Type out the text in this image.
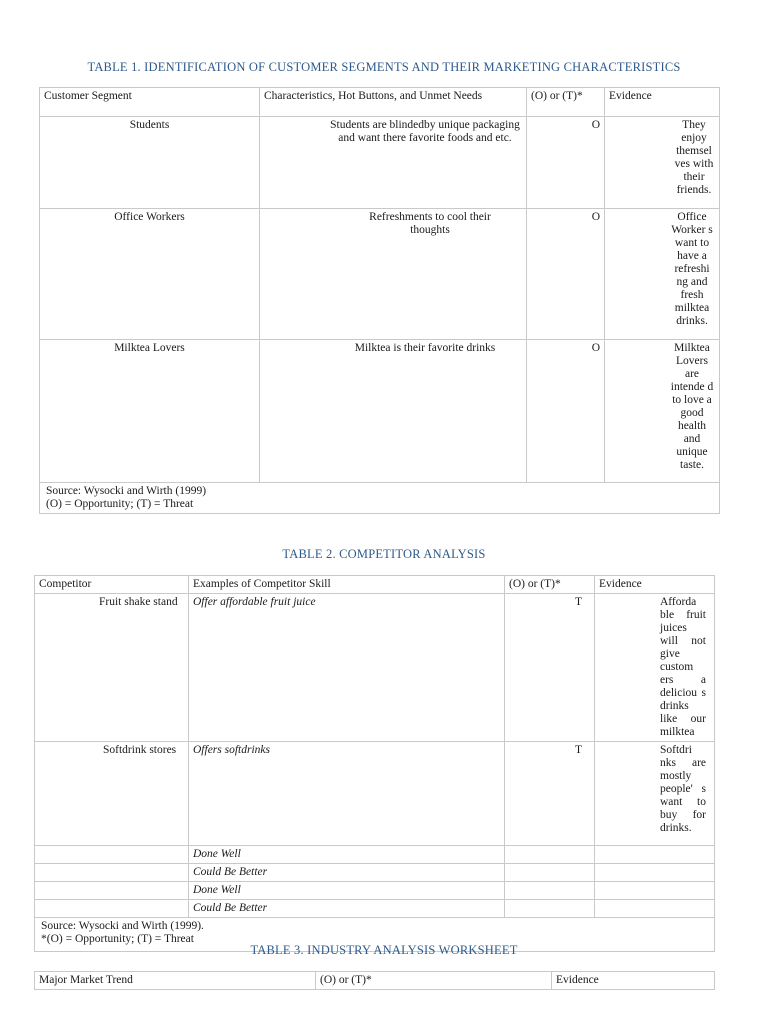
TABLE 1. IDENTIFICATION OF CUSTOMER SEGMENTS AND THEIR MARKETING CHARACTERISTICS
Customer Segment	Characteristics, Hot Buttons, and Unmet Needs	(O) or (T)*	Evidence
Students	Students are blindedby unique packaging and want there favorite foods and etc.	O	They enjoy themsel ves with their friends.

Office Workers	Refreshments to cool their thoughts	O	Office Worker s want to have a refreshi ng and fresh milktea drinks.

Milktea Lovers	Milktea is their favorite drinks	O	Milktea Lovers are intende d to love a good health and unique taste.

Source: Wysocki and Wirth (1999)
(O) = Opportunity; (T) = Threat			
TABLE 2. COMPETITOR ANALYSIS
Competitor	Examples of Competitor Skill	(O) or (T)*	Evidence

Fruit shake stand	Offer affordable fruit juice	T	Afforda ble fruit juices will not give custom ers a deliciou s drinks like our milktea

Softdrink stores	Offers softdrinks	T	Softdri nks are mostly people' s want to buy for drinks.

	Done Well		
	Could Be Better		
	Done Well		
	Could Be Better		

Source: Wysocki and Wirth (1999).
*(O) = Opportunity; (T) = Threat			
TABLE 3. INDUSTRY ANALYSIS WORKSHEET
Major Market Trend	(O) or (T)*	Evidence
